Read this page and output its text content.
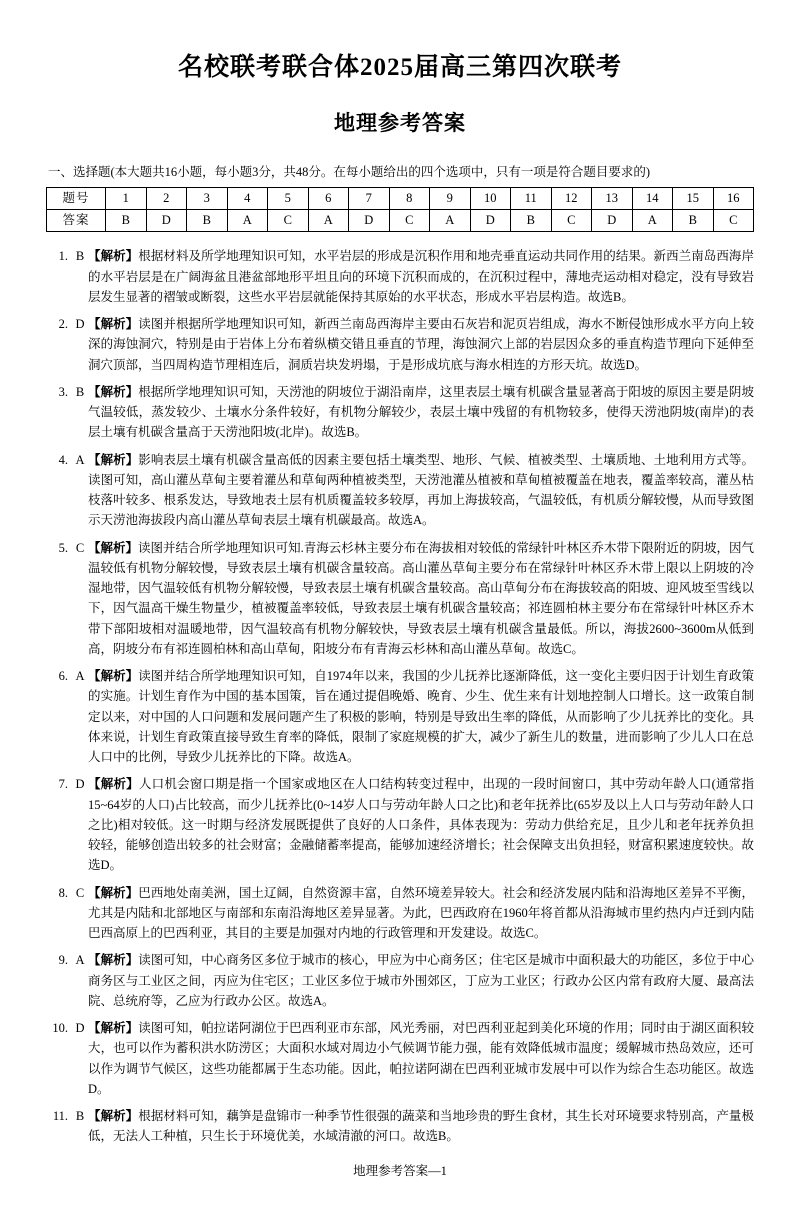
名校联考联合体2025届高三第四次联考
地理参考答案
一、选择题(本大题共16小题，每小题3分，共48分。在每小题给出的四个选项中，只有一项是符合题目要求的)
题号	1	2	3	4	5	6	7	8	9	10	11	12	13	14	15	16
答案	B	D	B	A	C	A	D	C	A	D	B	C	D	A	B	C
1. B 【解析】根据材料及所学地理知识可知，水平岩层的形成是沉积作用和地壳垂直运动共同作用的结果。新西兰南岛西海岸的水平岩层是在广阔海盆且港盆部地形平坦且向的环境下沉积而成的，在沉积过程中，薄地壳运动相对稳定，没有导致岩层发生显著的褶皱或断裂，这些水平岩层就能保持其原始的水平状态，形成水平岩层构造。故选B。
2. D 【解析】读图并根据所学地理知识可知，新西兰南岛西海岸主要由石灰岩和泥页岩组成，海水不断侵蚀形成水平方向上较深的海蚀洞穴，特别是由于岩体上分布着纵横交错且垂直的节理，海蚀洞穴上部的岩层因众多的垂直构造节理向下延伸至洞穴顶部，当四周构造节理相连后，洞质岩块发坍塌，于是形成坑底与海水相连的方形天坑。故选D。
3. B 【解析】根据所学地理知识可知，天涝池的阴坡位于湖沿南岸，这里表层土壤有机碳含量显著高于阳坡的原因主要是阴坡气温较低，蒸发较少、土壤水分条件较好，有机物分解较少，表层土壤中残留的有机物较多，使得天涝池阴坡(南岸)的表层土壤有机碳含量高于天涝池阳坡(北岸)。故选B。
4. A 【解析】影响表层土壤有机碳含量高低的因素主要包括土壤类型、地形、气候、植被类型、土壤质地、土地利用方式等。读图可知，高山灌丛草甸主要着灌丛和草甸两种植被类型，天涝池灌丛植被和草甸植被覆盖在地表，覆盖率较高，灌丛枯枝落叶较多、根系发达，导致地表土层有机质覆盖较多较厚，再加上海拔较高，气温较低，有机质分解较慢，从而导致图示天涝池海拔段内高山灌丛草甸表层土壤有机碳最高。故选A。
5. C 【解析】读图并结合所学地理知识可知.青海云杉林主要分布在海拔相对较低的常绿针叶林区乔木带下限附近的阴坡，因气温较低有机物分解较慢，导致表层土壤有机碳含量较高。高山灌丛草甸主要分布在常绿针叶林区乔木带上限以上阴坡的冷湿地带，因气温较低有机物分解较慢，导致表层土壤有机碳含量较高。高山草甸分布在海拔较高的阳坡、迎风坡至雪线以下，因气温高干燥生物量少，植被覆盖率较低，导致表层土壤有机碳含量较高；祁连圆柏林主要分布在常绿针叶林区乔木带下部阳坡相对温暖地带，因气温较高有机物分解较快，导致表层土壤有机碳含量最低。所以，海拔2600~3600m从低到高，阴坡分布有祁连圆柏林和高山草甸，阳坡分布有青海云杉林和高山灌丛草甸。故选C。
6. A 【解析】读图并结合所学地理知识可知，自1974年以来，我国的少儿抚养比逐渐降低，这一变化主要归因于计划生育政策的实施。计划生育作为中国的基本国策，旨在通过提倡晚婚、晚育、少生、优生来有计划地控制人口增长。这一政策自制定以来，对中国的人口问题和发展问题产生了积极的影响，特别是导致出生率的降低，从而影响了少儿抚养比的变化。具体来说，计划生育政策直接导致生育率的降低，限制了家庭规模的扩大，减少了新生儿的数量，进而影响了少儿人口在总人口中的比例，导致少儿抚养比的下降。故选A。
7. D 【解析】人口机会窗口期是指一个国家或地区在人口结构转变过程中，出现的一段时间窗口，其中劳动年龄人口(通常指15~64岁的人口)占比较高，而少儿抚养比(0~14岁人口与劳动年龄人口之比)和老年抚养比(65岁及以上人口与劳动年龄人口之比)相对较低。这一时期与经济发展既提供了良好的人口条件，具体表现为：劳动力供给充足，且少儿和老年抚养负担较轻，能够创造出较多的社会财富；金融储蓄率提高，能够加速经济增长；社会保障支出负担轻，财富积累速度较快。故选D。
8. C 【解析】巴西地处南美洲，国土辽阔，自然资源丰富，自然环境差异较大。社会和经济发展内陆和沿海地区差异不平衡，尤其是内陆和北部地区与南部和东南沿海地区差异显著。为此，巴西政府在1960年将首都从沿海城市里约热内卢迁到内陆巴西高原上的巴西利亚，其目的主要是加强对内地的行政管理和开发建设。故选C。
9. A 【解析】读图可知，中心商务区多位于城市的核心，甲应为中心商务区；住宅区是城市中面积最大的功能区，多位于中心商务区与工业区之间，丙应为住宅区；工业区多位于城市外围郊区，丁应为工业区；行政办公区内常有政府大厦、最高法院、总统府等，乙应为行政办公区。故选A。
10. D 【解析】读图可知，帕拉诺阿湖位于巴西利亚市东部，风光秀丽，对巴西利亚起到美化环境的作用；同时由于湖区面积较大，也可以作为蓄积洪水防涝区；大面积水域对周边小气候调节能力强，能有效降低城市温度；缓解城市热岛效应，还可以作为调节气候区，这些功能都属于生态功能。因此，帕拉诺阿湖在巴西利亚城市发展中可以作为综合生态功能区。故选D。
11. B 【解析】根据材料可知，藕笋是盘锦市一种季节性很强的蔬菜和当地珍贵的野生食材，其生长对环境要求特别高，产量极低，无法人工种植，只生长于环境优美，水域清澈的河口。故选B。
地理参考答案—1
